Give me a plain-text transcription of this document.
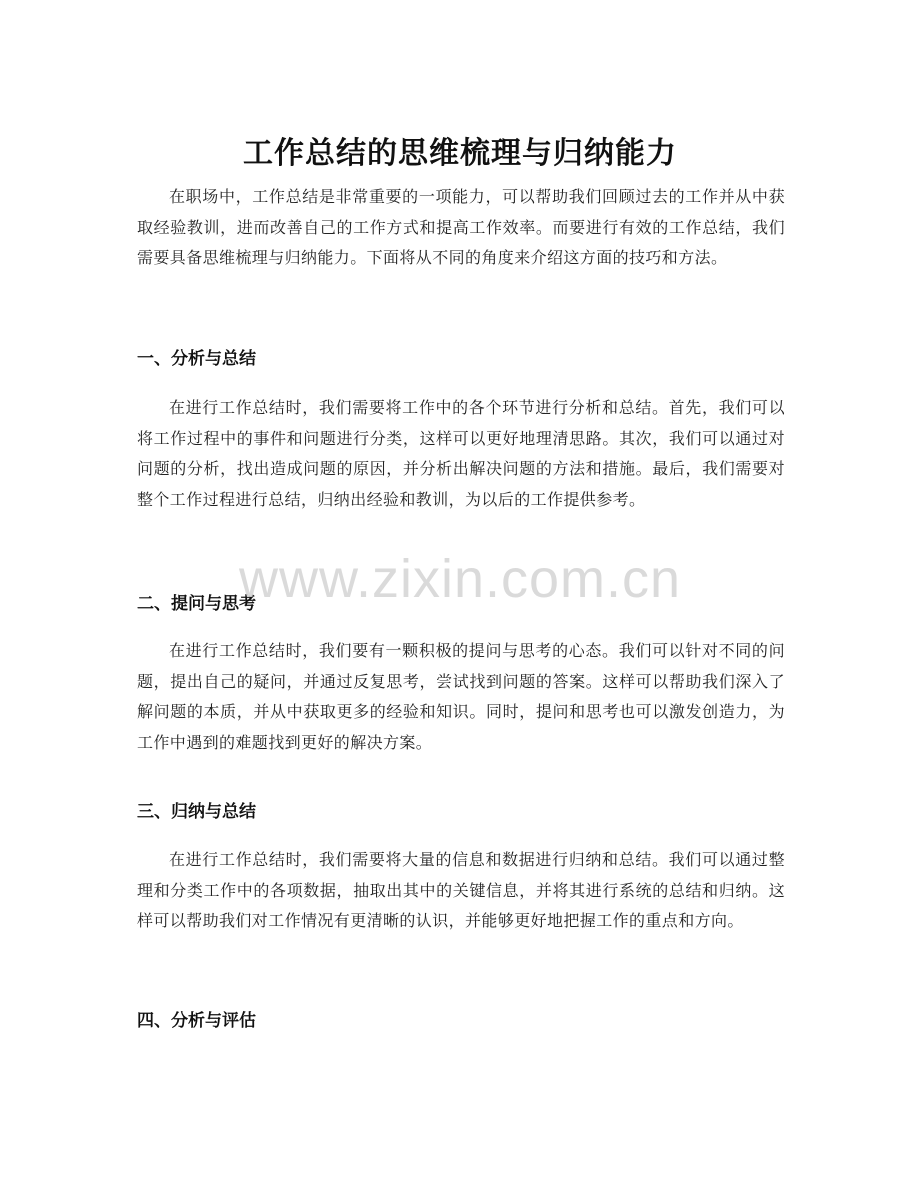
工作总结的思维梳理与归纳能力

在职场中，工作总结是非常重要的一项能力，可以帮助我们回顾过去的工作并从中获取经验教训，进而改善自己的工作方式和提高工作效率。而要进行有效的工作总结，我们需要具备思维梳理与归纳能力。下面将从不同的角度来介绍这方面的技巧和方法。

一、分析与总结

在进行工作总结时，我们需要将工作中的各个环节进行分析和总结。首先，我们可以将工作过程中的事件和问题进行分类，这样可以更好地理清思路。其次，我们可以通过对问题的分析，找出造成问题的原因，并分析出解决问题的方法和措施。最后，我们需要对整个工作过程进行总结，归纳出经验和教训，为以后的工作提供参考。

二、提问与思考

在进行工作总结时，我们要有一颗积极的提问与思考的心态。我们可以针对不同的问题，提出自己的疑问，并通过反复思考，尝试找到问题的答案。这样可以帮助我们深入了解问题的本质，并从中获取更多的经验和知识。同时，提问和思考也可以激发创造力，为工作中遇到的难题找到更好的解决方案。

三、归纳与总结

在进行工作总结时，我们需要将大量的信息和数据进行归纳和总结。我们可以通过整理和分类工作中的各项数据，抽取出其中的关键信息，并将其进行系统的总结和归纳。这样可以帮助我们对工作情况有更清晰的认识，并能够更好地把握工作的重点和方向。

四、分析与评估
www.zixin.com.cn
